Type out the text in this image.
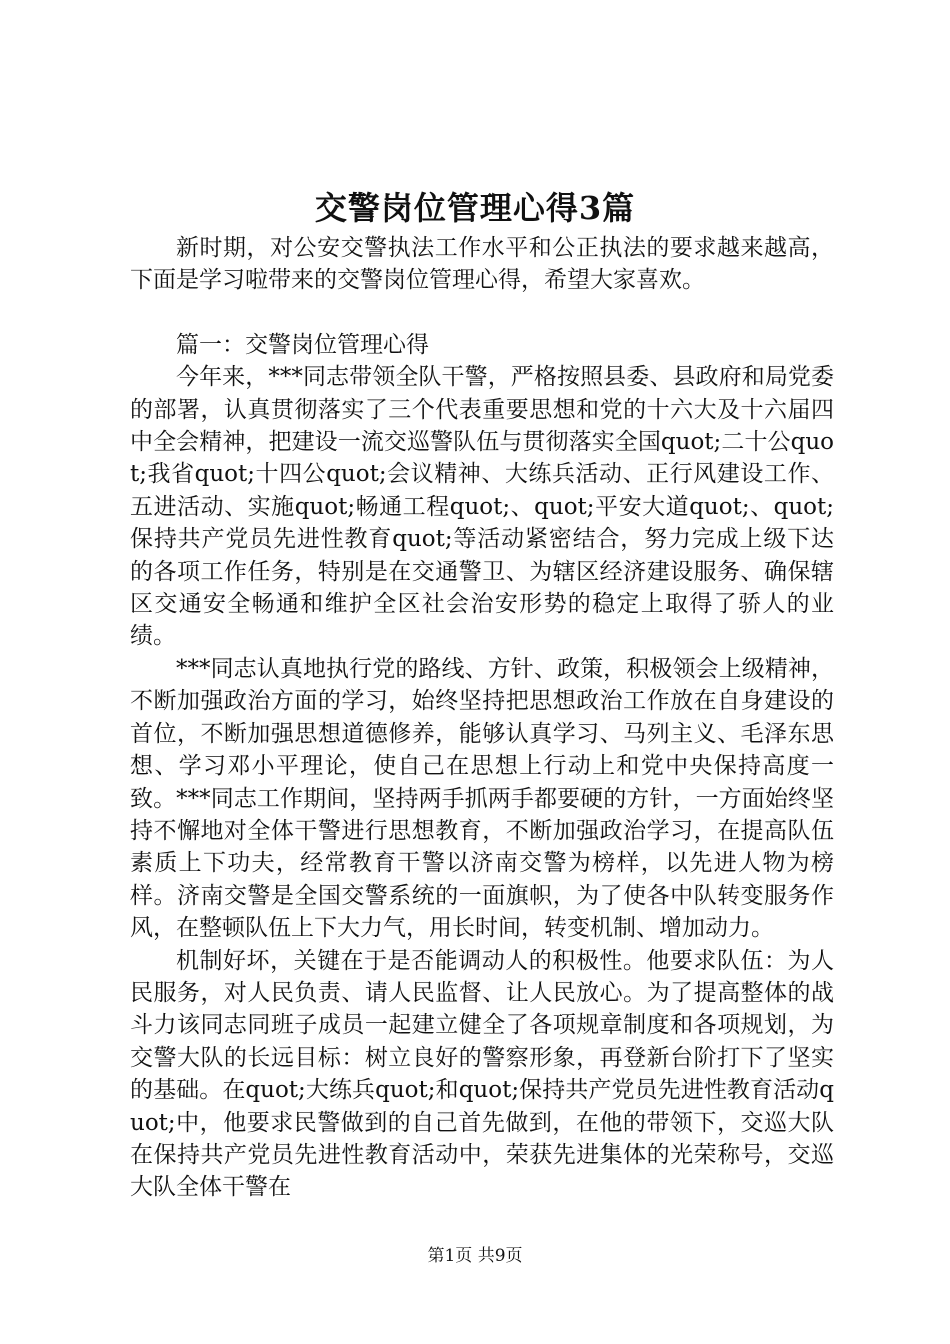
交警岗位管理心得3篇

新时期，对公安交警执法工作水平和公正执法的要求越来越高，下面是学习啦带来的交警岗位管理心得，希望大家喜欢。

篇一：交警岗位管理心得

今年来，***同志带领全队干警，严格按照县委、县政府和局党委的部署，认真贯彻落实了三个代表重要思想和党的十六大及十六届四中全会精神，把建设一流交巡警队伍与贯彻落实全国quot;二十公quot;我省quot;十四公quot;会议精神、大练兵活动、正行风建设工作、五进活动、实施quot;畅通工程quot;、quot;平安大道quot;、quot;保持共产党员先进性教育quot;等活动紧密结合，努力完成上级下达的各项工作任务，特别是在交通警卫、为辖区经济建设服务、确保辖区交通安全畅通和维护全区社会治安形势的稳定上取得了骄人的业绩。

***同志认真地执行党的路线、方针、政策，积极领会上级精神，不断加强政治方面的学习，始终坚持把思想政治工作放在自身建设的首位，不断加强思想道德修养，能够认真学习、马列主义、毛泽东思想、学习邓小平理论，使自己在思想上行动上和党中央保持高度一致。***同志工作期间，坚持两手抓两手都要硬的方针，一方面始终坚持不懈地对全体干警进行思想教育，不断加强政治学习，在提高队伍素质上下功夫，经常教育干警以济南交警为榜样，以先进人物为榜样。济南交警是全国交警系统的一面旗帜，为了使各中队转变服务作风，在整顿队伍上下大力气，用长时间，转变机制、增加动力。

机制好坏，关键在于是否能调动人的积极性。他要求队伍：为人民服务，对人民负责、请人民监督、让人民放心。为了提高整体的战斗力该同志同班子成员一起建立健全了各项规章制度和各项规划，为交警大队的长远目标：树立良好的警察形象，再登新台阶打下了坚实的基础。在quot;大练兵quot;和quot;保持共产党员先进性教育活动quot;中，他要求民警做到的自己首先做到，在他的带领下，交巡大队在保持共产党员先进性教育活动中，荣获先进集体的光荣称号，交巡大队全体干警在

第1页 共9页
